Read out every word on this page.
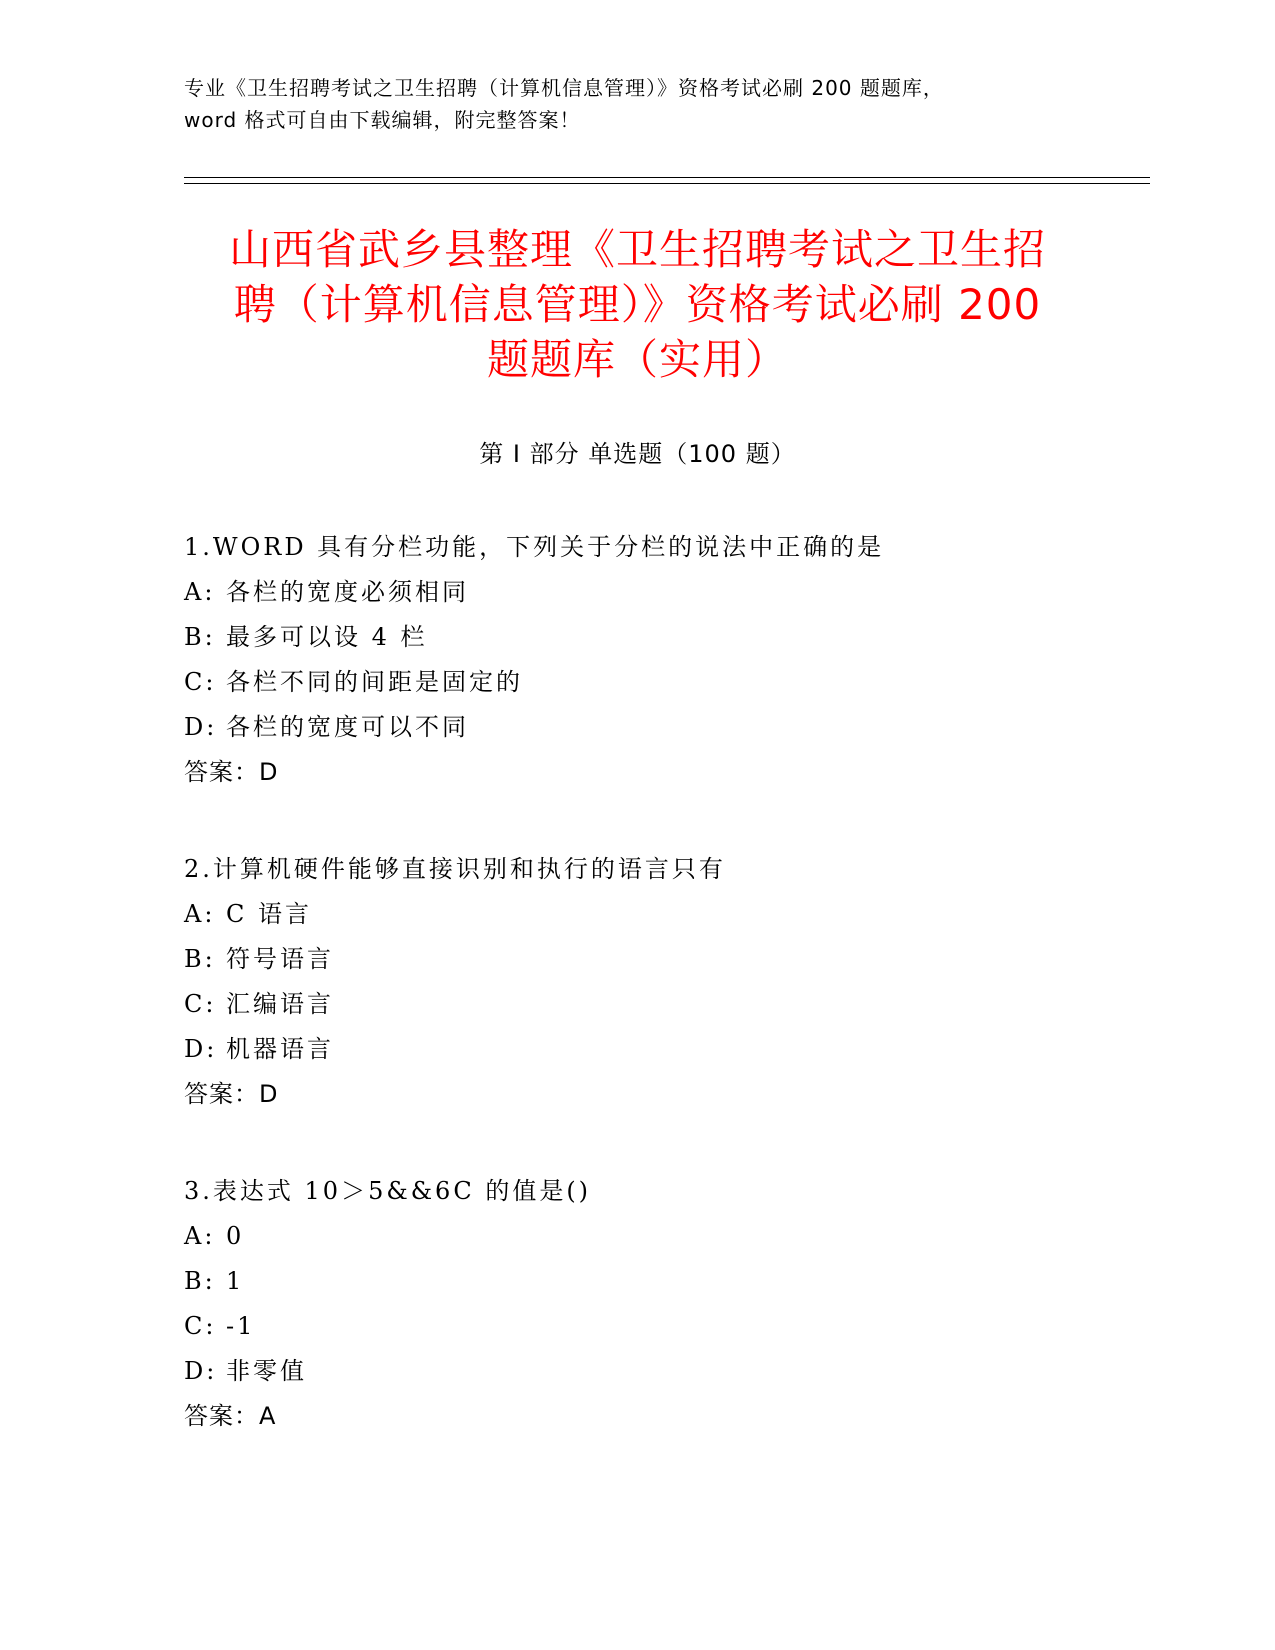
专业《卫生招聘考试之卫生招聘（计算机信息管理）》资格考试必刷 200 题题库，
word 格式可自由下载编辑，附完整答案！
山西省武乡县整理《卫生招聘考试之卫生招
聘（计算机信息管理）》资格考试必刷 200
题题库（实用）
第 I 部分 单选题（100 题）
1.WORD 具有分栏功能，下列关于分栏的说法中正确的是
A: 各栏的宽度必须相同
B: 最多可以设 4 栏
C: 各栏不同的间距是固定的
D: 各栏的宽度可以不同
答案：D
2.计算机硬件能够直接识别和执行的语言只有
A: C 语言
B: 符号语言
C: 汇编语言
D: 机器语言
答案：D
3.表达式 10＞5&&6C 的值是()
A: 0
B: 1
C: -1
D: 非零值
答案：A
